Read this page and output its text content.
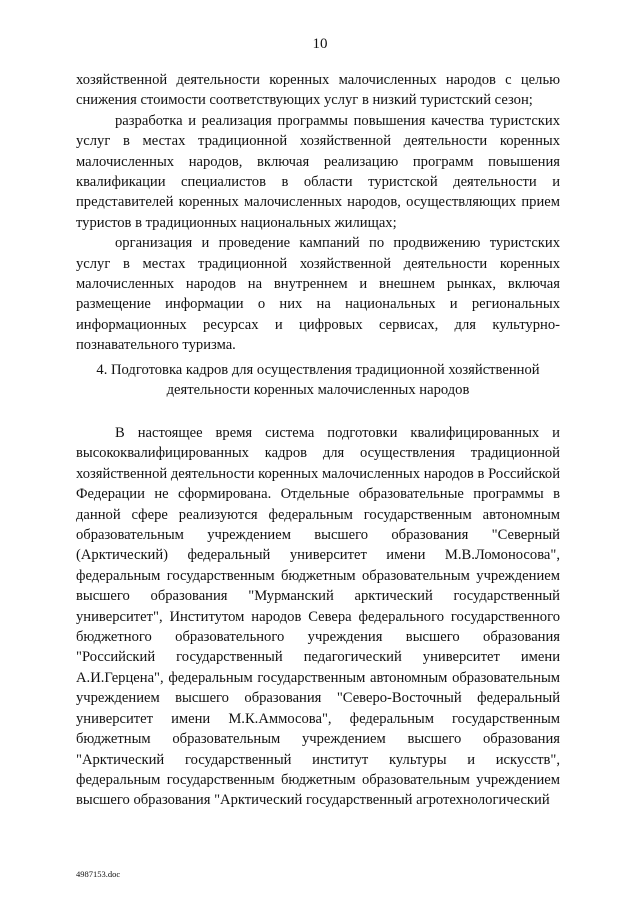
10

хозяйственной деятельности коренных малочисленных народов с целью снижения стоимости соответствующих услуг в низкий туристский сезон;

разработка и реализация программы повышения качества туристских услуг в местах традиционной хозяйственной деятельности коренных малочисленных народов, включая реализацию программ повышения квалификации специалистов в области туристской деятельности и представителей коренных малочисленных народов, осуществляющих прием туристов в традиционных национальных жилищах;

организация и проведение кампаний по продвижению туристских услуг в местах традиционной хозяйственной деятельности коренных малочисленных народов на внутреннем и внешнем рынках, включая размещение информации о них на национальных и региональных информационных ресурсах и цифровых сервисах, для культурно-познавательного туризма.

4. Подготовка кадров для осуществления традиционной хозяйственной
деятельности коренных малочисленных народов

В настоящее время система подготовки квалифицированных и высококвалифицированных кадров для осуществления традиционной хозяйственной деятельности коренных малочисленных народов в Российской Федерации не сформирована. Отдельные образовательные программы в данной сфере реализуются федеральным государственным автономным образовательным учреждением высшего образования "Северный (Арктический) федеральный университет имени М.В.Ломоносова", федеральным государственным бюджетным образовательным учреждением высшего образования "Мурманский арктический государственный университет", Институтом народов Севера федерального государственного бюджетного образовательного учреждения высшего образования "Российский государственный педагогический университет имени А.И.Герцена", федеральным государственным автономным образовательным учреждением высшего образования "Северо-Восточный федеральный университет имени М.К.Аммосова", федеральным государственным бюджетным образовательным учреждением высшего образования "Арктический государственный институт культуры и искусств", федеральным государственным бюджетным образовательным учреждением высшего образования "Арктический государственный агротехнологический

4987153.doc
